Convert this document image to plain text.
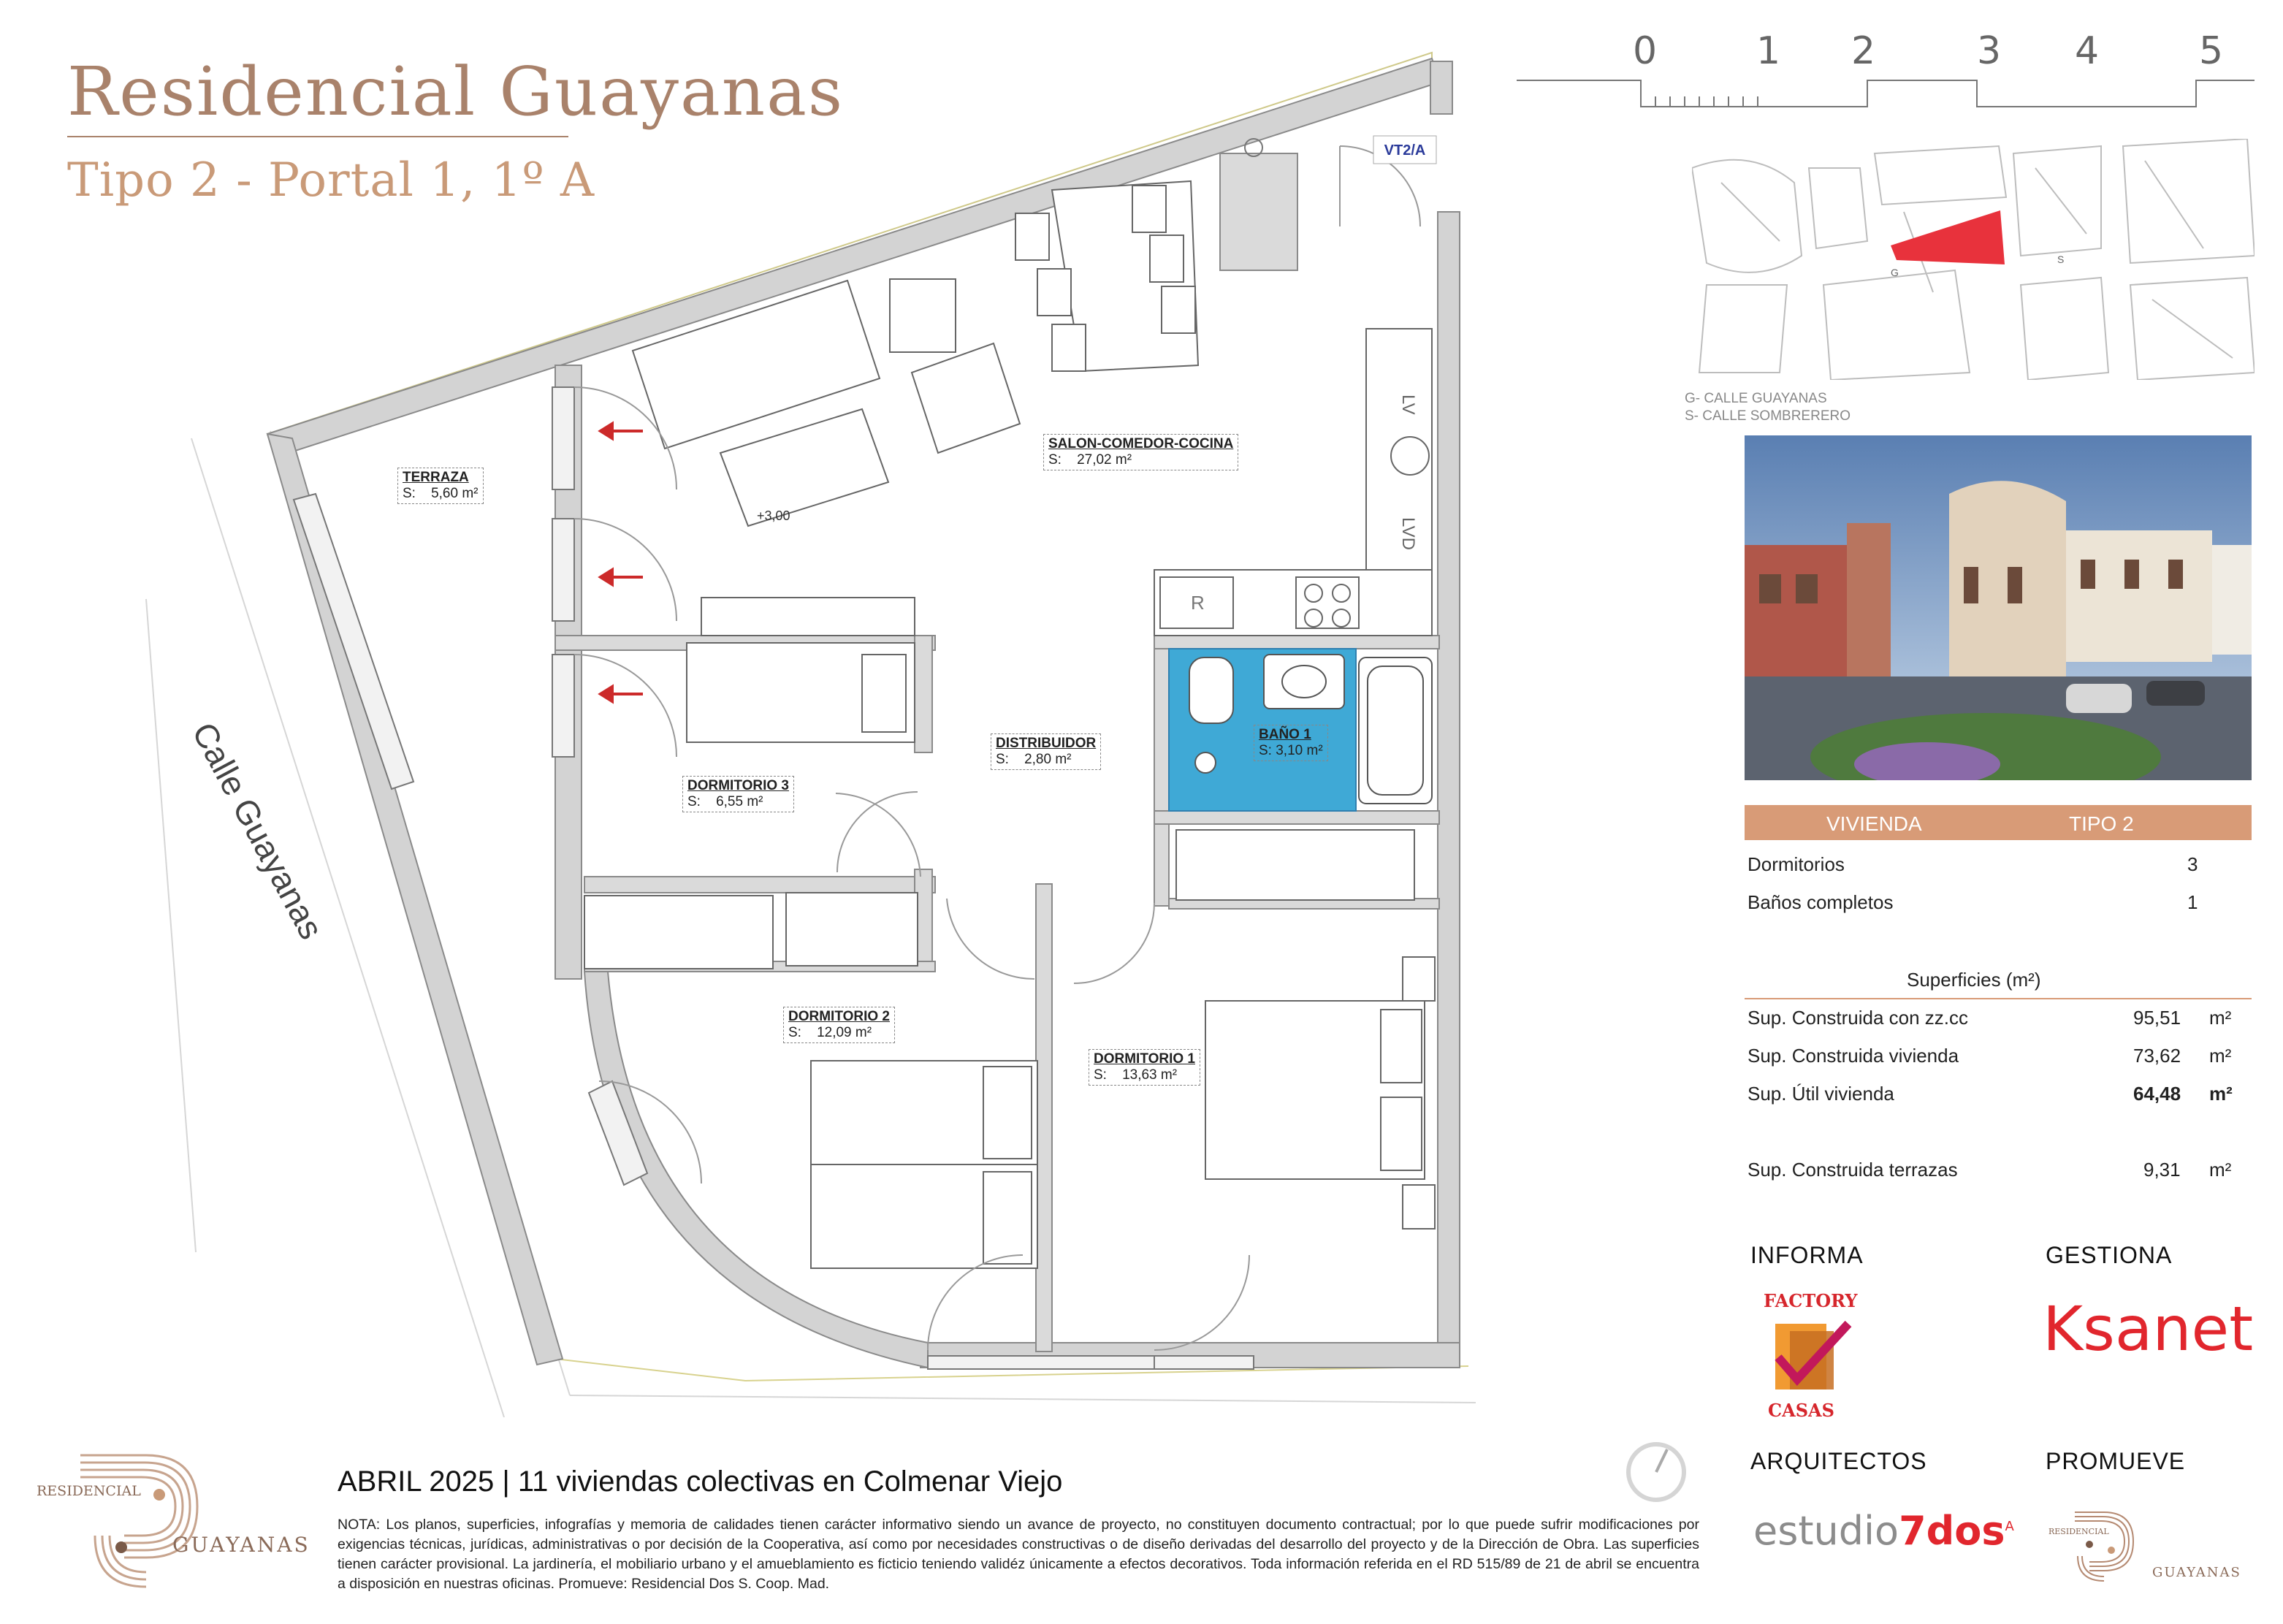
Residencial Guayanas
Tipo 2 - Portal 1, 1º A
VT2/A
LV
LVD
R
+3,00
TERRAZA
S: 5,60 m²
SALON-COMEDOR-COCINA
S: 27,02 m²
DORMITORIO 3
S: 6,55 m²
DISTRIBUIDOR
S: 2,80 m²
BAÑO 1
S: 3,10 m²
DORMITORIO 2
S: 12,09 m²
DORMITORIO 1
S: 13,63 m²
Calle Guayanas
0	1 2	3 4	5
G
S
G- CALLE GUAYANAS
S- CALLE SOMBRERERO
VIVIENDA	TIPO 2
Dormitorios	3
Baños completos	1
Superficies (m²)
Sup. Construida con zz.cc	95,51 m²
Sup. Construida vivienda	73,62 m²
Sup. Útil vivienda	64,48 m²
Sup. Construida terrazas	9,31 m²
INFORMA	GESTIONA
FACTORY
CASAS
Ksanet
ARQUITECTOS	PROMUEVE
estudio7dos$^A$	RESIDENCIAL
GUAYANAS
RESIDENCIAL
GUAYANAS
ABRIL 2025 | 11 viviendas colectivas en Colmenar Viejo
NOTA: Los planos, superficies, infografías y memoria de calidades tienen carácter informativo siendo un avance de proyecto, no constituyen documento contractual; por lo que puede sufrir modificaciones por exigencias técnicas, jurídicas, administrativas o por decisión de la Cooperativa, así como por necesidades constructivas o de diseño derivadas del desarrollo del proyecto y de la Dirección de Obra. Las superficies tienen carácter provisional. La jardinería, el mobiliario urbano y el amueblamiento es ficticio teniendo validéz únicamente a efectos decorativos. Toda información referida en el RD 515/89 de 21 de abril se encuentra a disposición en nuestras oficinas. Promueve: Residencial Dos S. Coop. Mad.
